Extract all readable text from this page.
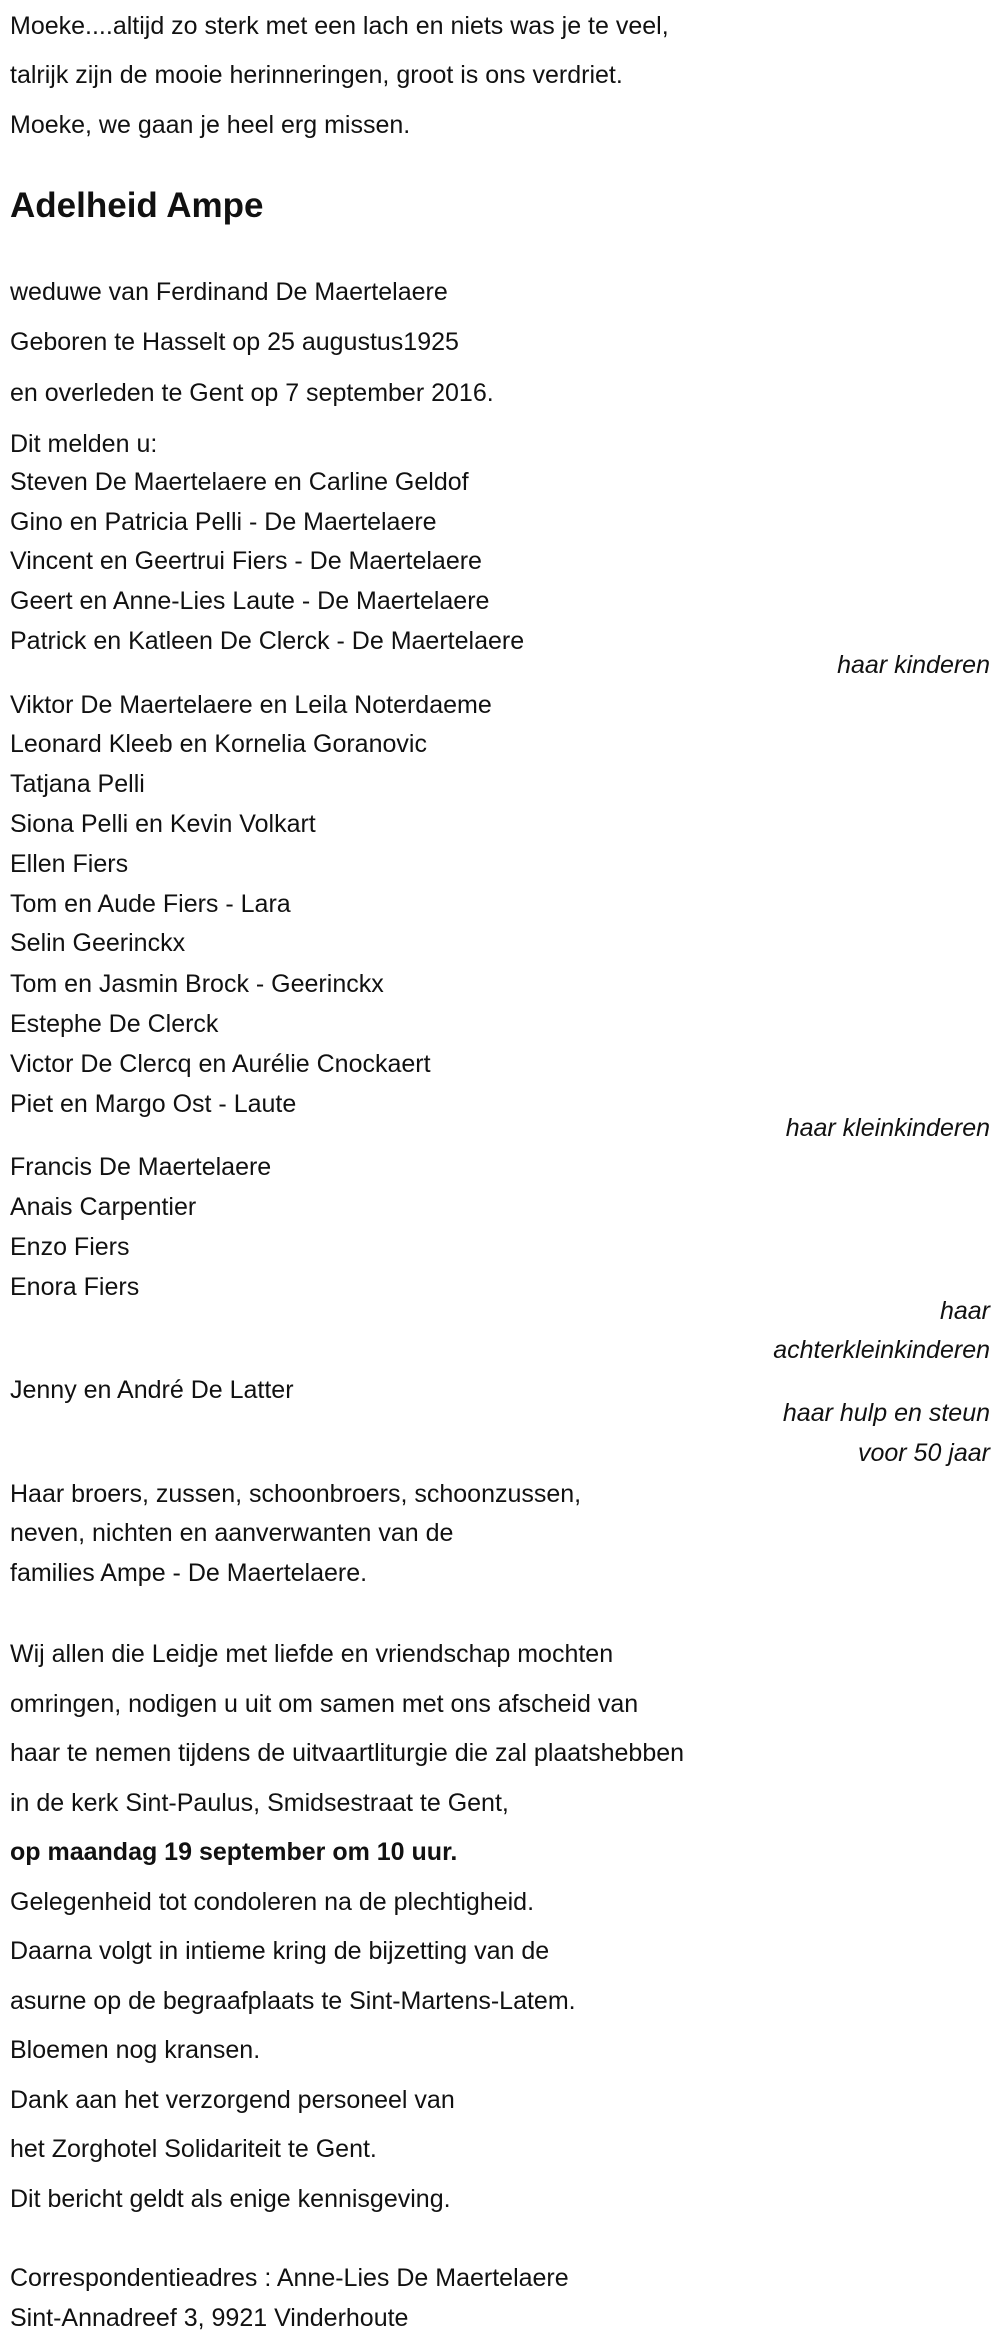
Moeke....altijd zo sterk met een lach en niets was je te veel,
talrijk zijn de mooie herinneringen, groot is ons verdriet.
Moeke, we gaan je heel erg missen.
Adelheid Ampe
weduwe van Ferdinand De Maertelaere
Geboren te Hasselt op 25 augustus1925
en overleden te Gent op 7 september 2016.
Dit melden u:
Steven De Maertelaere en Carline Geldof
Gino en Patricia Pelli - De Maertelaere
Vincent en Geertrui Fiers - De Maertelaere
Geert en Anne-Lies Laute - De Maertelaere
Patrick en Katleen De Clerck - De Maertelaere
haar kinderen
Viktor De Maertelaere en Leila Noterdaeme
Leonard Kleeb en Kornelia Goranovic
Tatjana Pelli
Siona Pelli en Kevin Volkart
Ellen Fiers
Tom en Aude Fiers - Lara
Selin Geerinckx
Tom en Jasmin Brock - Geerinckx
Estephe De Clerck
Victor De Clercq en Aurélie Cnockaert
Piet en Margo Ost - Laute
haar kleinkinderen
Francis De Maertelaere
Anais Carpentier
Enzo Fiers
Enora Fiers
haar
achterkleinkinderen
Jenny en André De Latter
haar hulp en steun
voor 50 jaar
Haar broers, zussen, schoonbroers, schoonzussen,
neven, nichten en aanverwanten van de
families Ampe - De Maertelaere.
Wij allen die Leidje met liefde en vriendschap mochten
omringen, nodigen u uit om samen met ons afscheid van
haar te nemen tijdens de uitvaartliturgie die zal plaatshebben
in de kerk Sint-Paulus, Smidsestraat te Gent,
op maandag 19 september om 10 uur.
Gelegenheid tot condoleren na de plechtigheid.
Daarna volgt in intieme kring de bijzetting van de
asurne op de begraafplaats te Sint-Martens-Latem.
Bloemen nog kransen.
Dank aan het verzorgend personeel van
het Zorghotel Solidariteit te Gent.
Dit bericht geldt als enige kennisgeving.
Correspondentieadres : Anne-Lies De Maertelaere
Sint-Annadreef 3, 9921 Vinderhoute
